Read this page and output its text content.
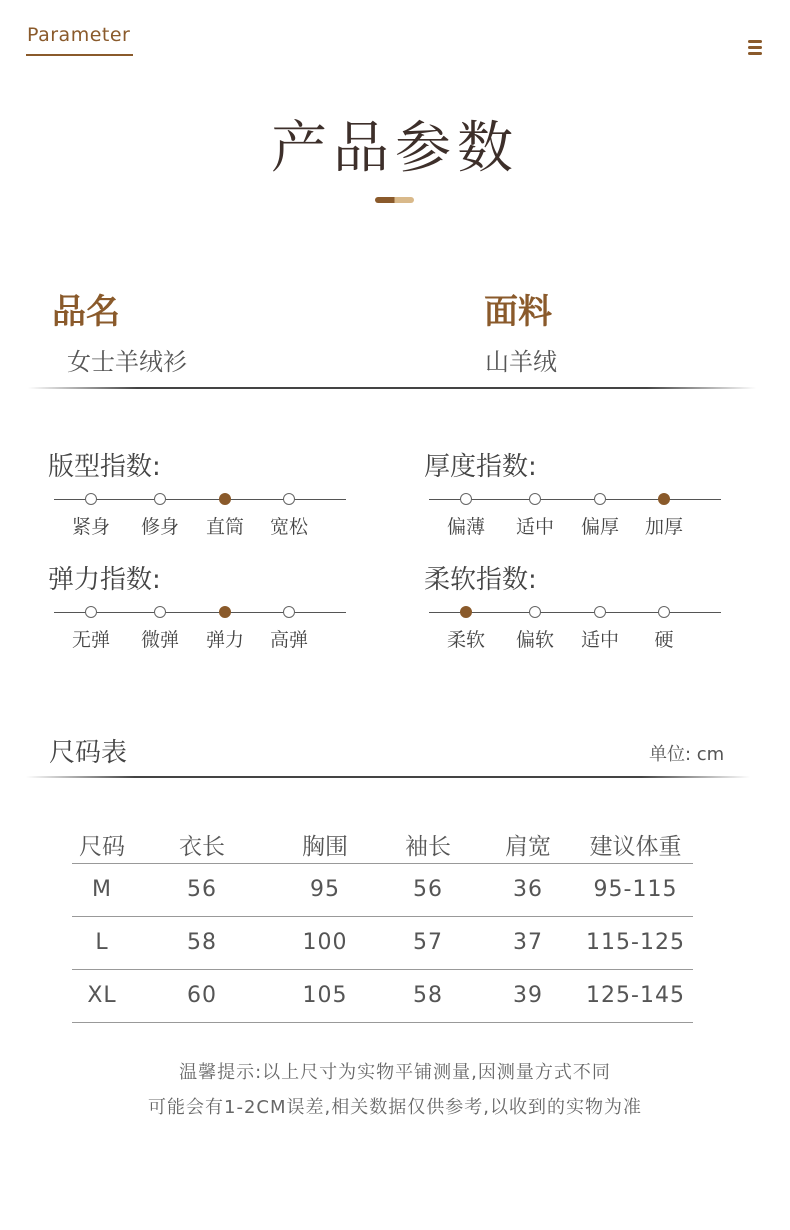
Parameter
产品参数
品名
女士羊绒衫
面料
山羊绒
版型指数:
紧身	修身	直筒	宽松
厚度指数:
偏薄	适中	偏厚	加厚
弹力指数:
无弹	微弹	弹力	高弹
柔软指数:
柔软	偏软	适中	硬
尺码表	单位: cm
尺码	衣长	胸围	袖长	肩宽	建议体重
M	56	95	56	36	95-115
L	58	100	57	37	115-125
XL	60	105	58	39	125-145
温馨提示:以上尺寸为实物平铺测量,因测量方式不同
可能会有1-2CM误差,相关数据仅供参考,以收到的实物为准
